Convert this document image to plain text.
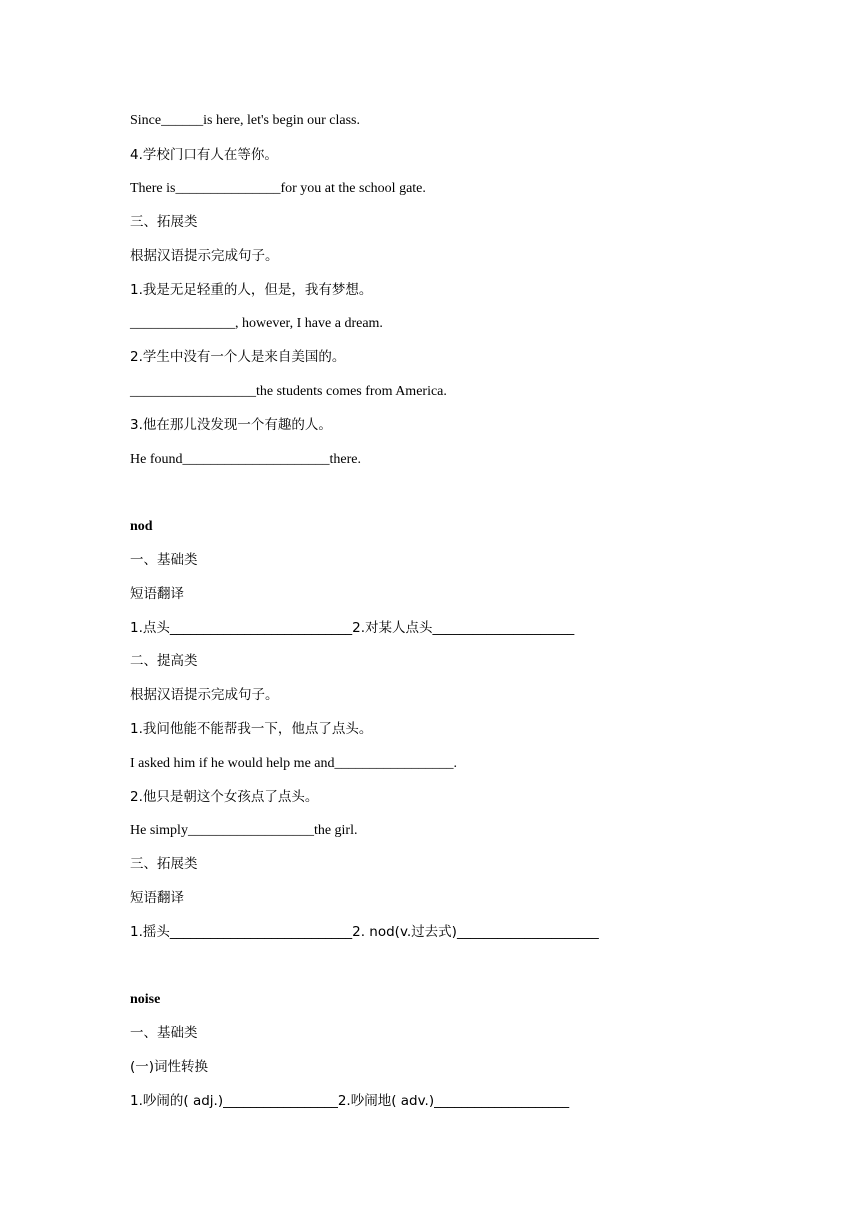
Since______is here, let's begin our class.
4.学校门口有人在等你。
There is_______________for you at the school gate.
三、拓展类
根据汉语提示完成句子。
1.我是无足轻重的人，但是，我有梦想。
_______________, however, I have a dream.
2.学生中没有一个人是来自美国的。
__________________the students comes from America.
3.他在那儿没发现一个有趣的人。
He found_____________________there.
nod
一、基础类
短语翻译
1.点头___________________________2.对某人点头_____________________
二、提高类
根据汉语提示完成句子。
1.我问他能不能帮我一下，他点了点头。
I asked him if he would help me and_________________.
2.他只是朝这个女孩点了点头。
He simply__________________the girl.
三、拓展类
短语翻译
1.摇头___________________________2. nod(v.过去式)_____________________
noise
一、基础类
(一)词性转换
1.吵闹的( adj.)_________________2.吵闹地( adv.)____________________
